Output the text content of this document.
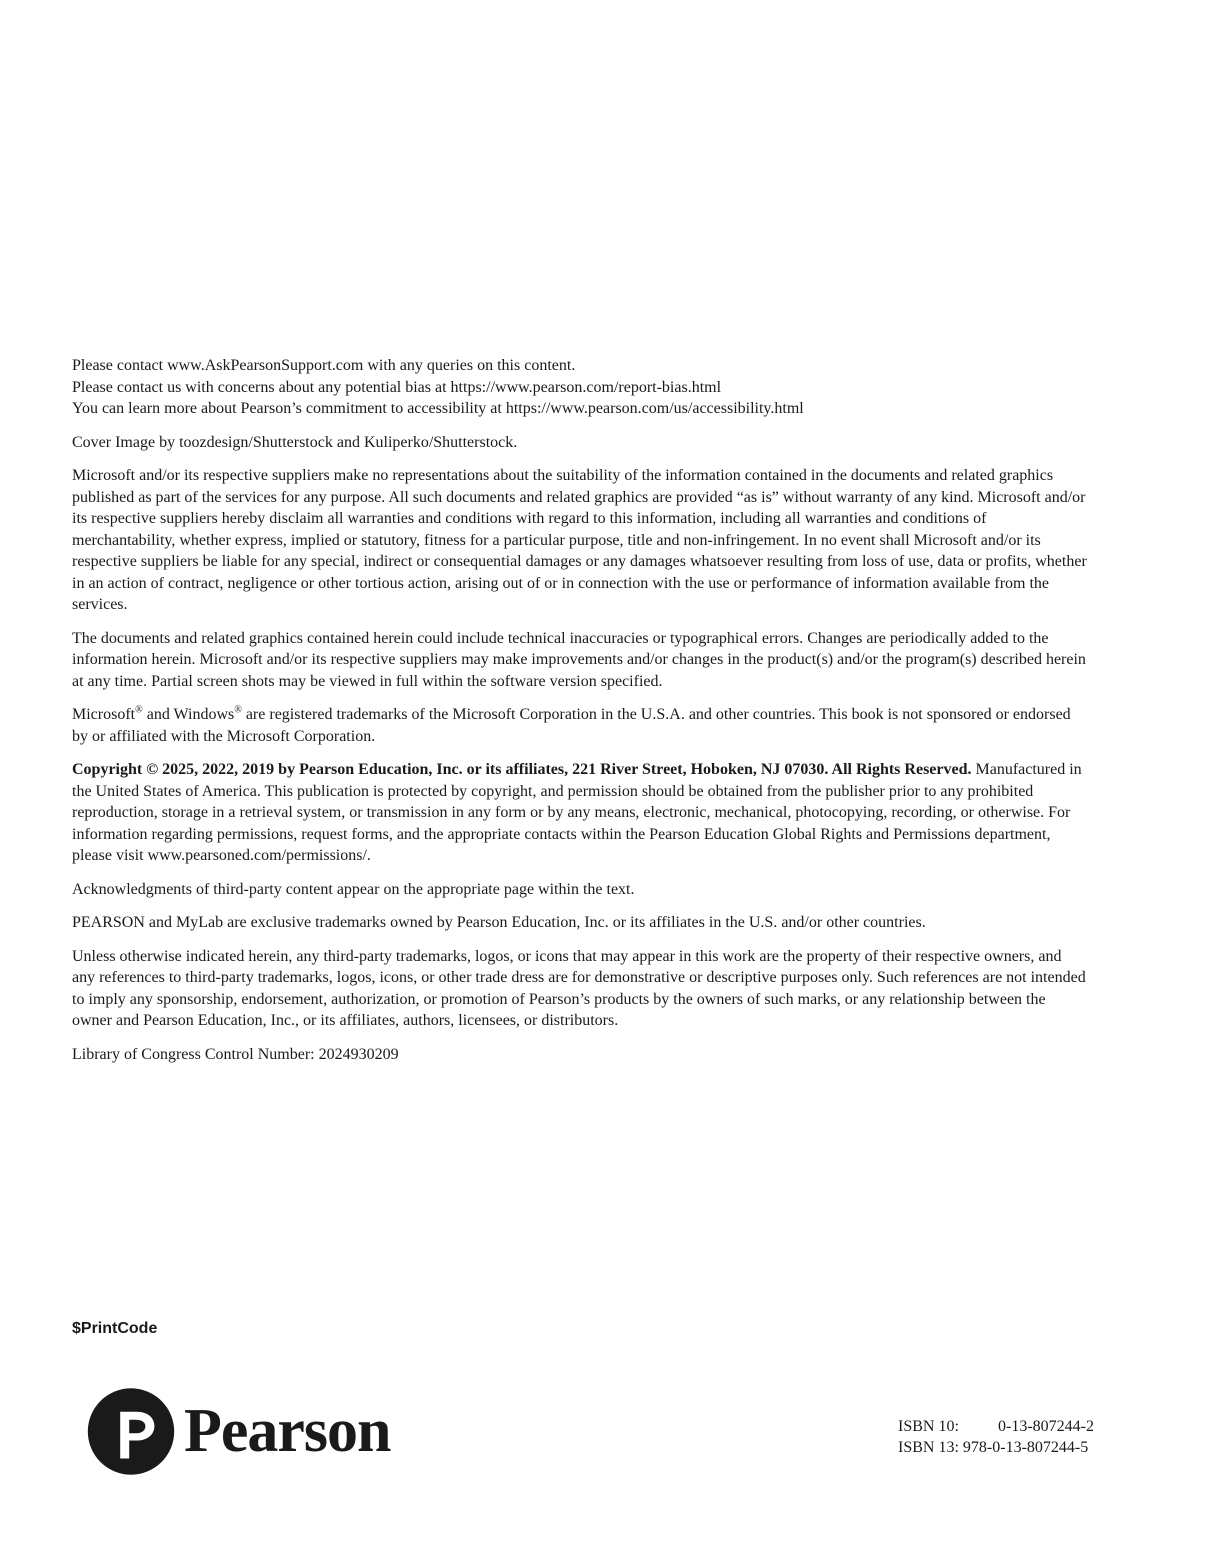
Please contact www.AskPearsonSupport.com with any queries on this content.

Please contact us with concerns about any potential bias at https://www.pearson.com/report-bias.html

You can learn more about Pearson’s commitment to accessibility at https://www.pearson.com/us/accessibility.html

Cover Image by toozdesign/Shutterstock and Kuliperko/Shutterstock.

Microsoft and/or its respective suppliers make no representations about the suitability of the information contained in the documents and related graphics published as part of the services for any purpose. All such documents and related graphics are provided “as is” without warranty of any kind. Microsoft and/or its respective suppliers hereby disclaim all warranties and conditions with regard to this information, including all warranties and conditions of merchantability, whether express, implied or statutory, fitness for a particular purpose, title and non-infringement. In no event shall Microsoft and/or its respective suppliers be liable for any special, indirect or consequential damages or any damages whatsoever resulting from loss of use, data or profits, whether in an action of contract, negligence or other tortious action, arising out of or in connection with the use or performance of information available from the services.

The documents and related graphics contained herein could include technical inaccuracies or typographical errors. Changes are periodically added to the information herein. Microsoft and/or its respective suppliers may make improvements and/or changes in the product(s) and/or the program(s) described herein at any time. Partial screen shots may be viewed in full within the software version specified.

Microsoft® and Windows® are registered trademarks of the Microsoft Corporation in the U.S.A. and other countries. This book is not sponsored or endorsed by or affiliated with the Microsoft Corporation.

Copyright © 2025, 2022, 2019 by Pearson Education, Inc. or its affiliates, 221 River Street, Hoboken, NJ 07030. All Rights Reserved. Manufactured in the United States of America. This publication is protected by copyright, and permission should be obtained from the publisher prior to any prohibited reproduction, storage in a retrieval system, or transmission in any form or by any means, electronic, mechanical, photocopying, recording, or otherwise. For information regarding permissions, request forms, and the appropriate contacts within the Pearson Education Global Rights and Permissions department, please visit www.pearsoned.com/permissions/.

Acknowledgments of third-party content appear on the appropriate page within the text.

PEARSON and MyLab are exclusive trademarks owned by Pearson Education, Inc. or its affiliates in the U.S. and/or other countries.

Unless otherwise indicated herein, any third-party trademarks, logos, or icons that may appear in this work are the property of their respective owners, and any references to third-party trademarks, logos, icons, or other trade dress are for demonstrative or descriptive purposes only. Such references are not intended to imply any sponsorship, endorsement, authorization, or promotion of Pearson’s products by the owners of such marks, or any relationship between the owner and Pearson Education, Inc., or its affiliates, authors, licensees, or distributors.

Library of Congress Control Number: 2024930209

$PrintCode
Pearson	ISBN 10:	0-13-807244-2
ISBN 13: 978-0-13-807244-5
